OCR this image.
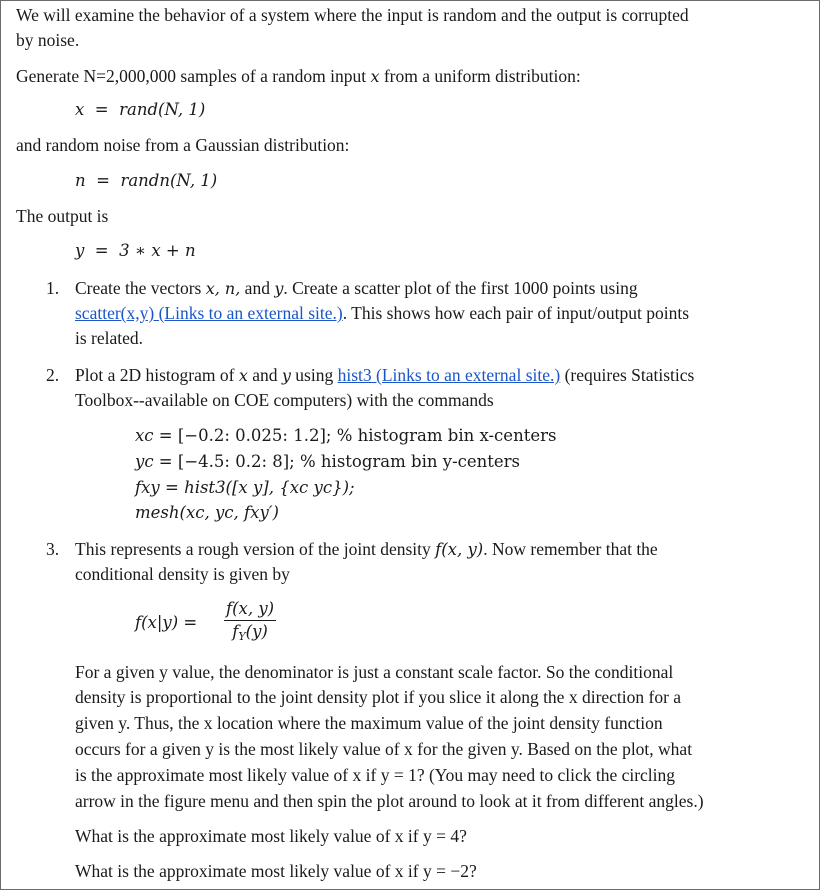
We will examine the behavior of a system where the input is random and the output is corrupted
by noise.
Generate N=2,000,000 samples of a random input x from a uniform distribution:
x  =  rand(N, 1)
and random noise from a Gaussian distribution:
n  =  randn(N, 1)
The output is
y  =  3 ∗ x + n
1. Create the vectors x, n, and y. Create a scatter plot of the first 1000 points using
scatter(x,y) (Links to an external site.). This shows how each pair of input/output points
is related.
2. Plot a 2D histogram of x and y using hist3 (Links to an external site.) (requires Statistics
Toolbox--available on COE computers) with the commands
xc = [−0.2: 0.025: 1.2]; % histogram bin x-centers
yc = [−4.5: 0.2: 8]; % histogram bin y-centers
fxy = hist3([x y], {xc yc});
mesh(xc, yc, fxy′)
3. This represents a rough version of the joint density f(x, y). Now remember that the
conditional density is given by
$f(x|y) = \frac{f(x, y)}{f_Y(y)}$
For a given y value, the denominator is just a constant scale factor. So the conditional
density is proportional to the joint density plot if you slice it along the x direction for a
given y. Thus, the x location where the maximum value of the joint density function
occurs for a given y is the most likely value of x for the given y. Based on the plot, what
is the approximate most likely value of x if y = 1? (You may need to click the circling
arrow in the figure menu and then spin the plot around to look at it from different angles.)
What is the approximate most likely value of x if y = 4?
What is the approximate most likely value of x if y = −2?
